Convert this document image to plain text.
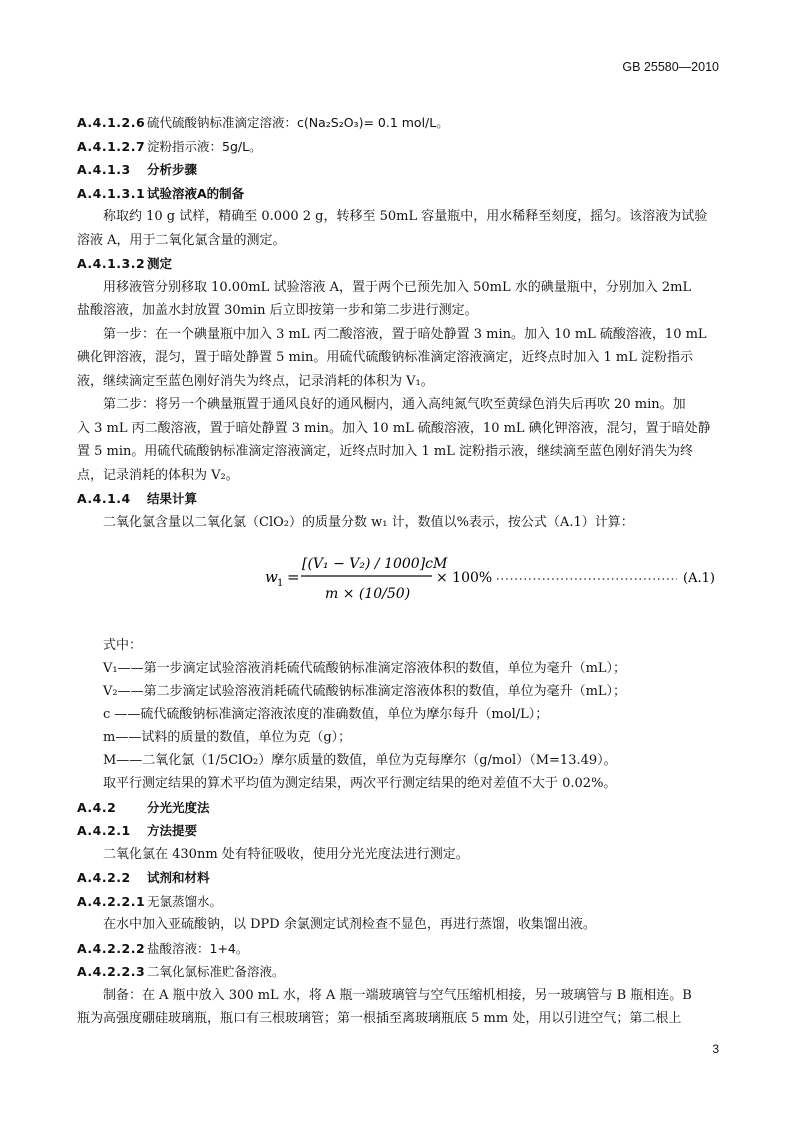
GB 25580—2010
A.4.1.2.6 硫代硫酸钠标准滴定溶液：c(Na₂S₂O₃)= 0.1 mol/L。
A.4.1.2.7 淀粉指示液：5g/L。
A.4.1.3 分析步骤
A.4.1.3.1 试验溶液A的制备
称取约 10 g 试样，精确至 0.000 2 g，转移至 50mL 容量瓶中，用水稀释至刻度，摇匀。该溶液为试验
溶液 A，用于二氧化氯含量的测定。
A.4.1.3.2 测定
用移液管分别移取 10.00mL 试验溶液 A，置于两个已预先加入 50mL 水的碘量瓶中，分别加入 2mL
盐酸溶液，加盖水封放置 30min 后立即按第一步和第二步进行测定。
第一步：在一个碘量瓶中加入 3 mL 丙二酸溶液，置于暗处静置 3 min。加入 10 mL 硫酸溶液，10 mL
碘化钾溶液，混匀，置于暗处静置 5 min。用硫代硫酸钠标准滴定溶液滴定，近终点时加入 1 mL 淀粉指示
液，继续滴定至蓝色刚好消失为终点，记录消耗的体积为 V₁。
第二步：将另一个碘量瓶置于通风良好的通风橱内，通入高纯氮气吹至黄绿色消失后再吹 20 min。加
入 3 mL 丙二酸溶液，置于暗处静置 3 min。加入 10 mL 硫酸溶液，10 mL 碘化钾溶液，混匀，置于暗处静
置 5 min。用硫代硫酸钠标准滴定溶液滴定，近终点时加入 1 mL 淀粉指示液，继续滴至蓝色刚好消失为终
点，记录消耗的体积为 V₂。
A.4.1.4 结果计算
二氧化氯含量以二氧化氯（ClO₂）的质量分数 w₁ 计，数值以%表示，按公式（A.1）计算：
w 1 =
[(V₁ − V₂) / 1000]cM
m × (10/50)
× 100%	(A.1)
式中：
V₁——第一步滴定试验溶液消耗硫代硫酸钠标准滴定溶液体积的数值，单位为毫升（mL）；
V₂——第二步滴定试验溶液消耗硫代硫酸钠标准滴定溶液体积的数值，单位为毫升（mL）；
c ——硫代硫酸钠标准滴定溶液浓度的准确数值，单位为摩尔每升（mol/L）；
m——试料的质量的数值，单位为克（g）；
M——二氧化氯（1/5ClO₂）摩尔质量的数值，单位为克每摩尔（g/mol）（M=13.49）。
取平行测定结果的算术平均值为测定结果，两次平行测定结果的绝对差值不大于 0.02%。
A.4.2 分光光度法
A.4.2.1 方法提要
二氧化氯在 430nm 处有特征吸收，使用分光光度法进行测定。
A.4.2.2 试剂和材料
A.4.2.2.1 无氯蒸馏水。
在水中加入亚硫酸钠，以 DPD 余氯测定试剂检查不显色，再进行蒸馏，收集馏出液。
A.4.2.2.2 盐酸溶液：1+4。
A.4.2.2.3 二氧化氯标准贮备溶液。
制备：在 A 瓶中放入 300 mL 水，将 A 瓶一端玻璃管与空气压缩机相接，另一玻璃管与 B 瓶相连。B
瓶为高强度硼硅玻璃瓶，瓶口有三根玻璃管；第一根插至离玻璃瓶底 5 mm 处，用以引进空气；第二根上
3
